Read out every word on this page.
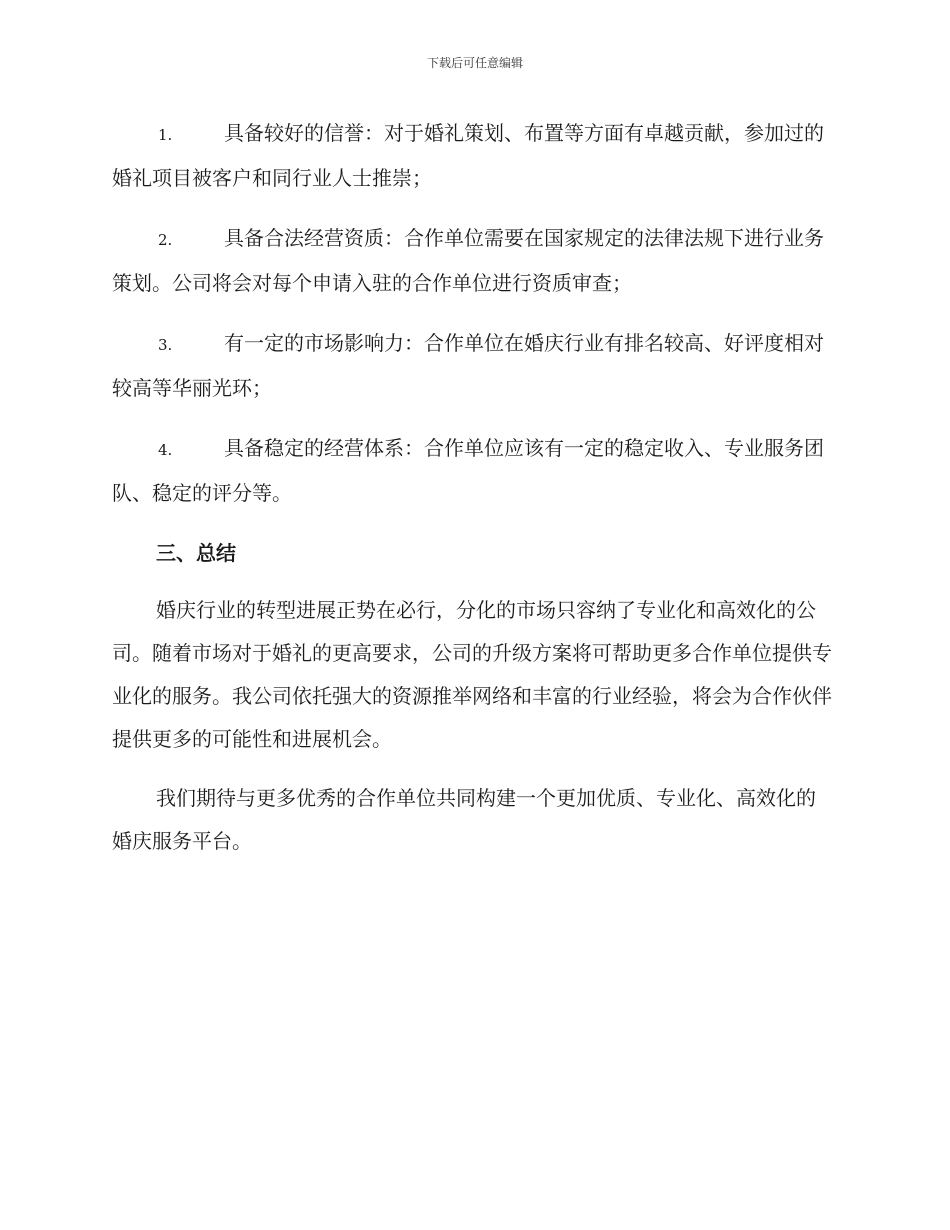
下载后可任意编辑

1.	具备较好的信誉：对于婚礼策划、布置等方面有卓越贡献，参加过的婚礼项目被客户和同行业人士推崇；

2.	具备合法经营资质：合作单位需要在国家规定的法律法规下进行业务策划。公司将会对每个申请入驻的合作单位进行资质审查；

3.	有一定的市场影响力：合作单位在婚庆行业有排名较高、好评度相对较高等华丽光环；

4.	具备稳定的经营体系：合作单位应该有一定的稳定收入、专业服务团队、稳定的评分等。

三、总结

婚庆行业的转型进展正势在必行，分化的市场只容纳了专业化和高效化的公司。随着市场对于婚礼的更高要求，公司的升级方案将可帮助更多合作单位提供专业化的服务。我公司依托强大的资源推举网络和丰富的行业经验，将会为合作伙伴提供更多的可能性和进展机会。

我们期待与更多优秀的合作单位共同构建一个更加优质、专业化、高效化的婚庆服务平台。
